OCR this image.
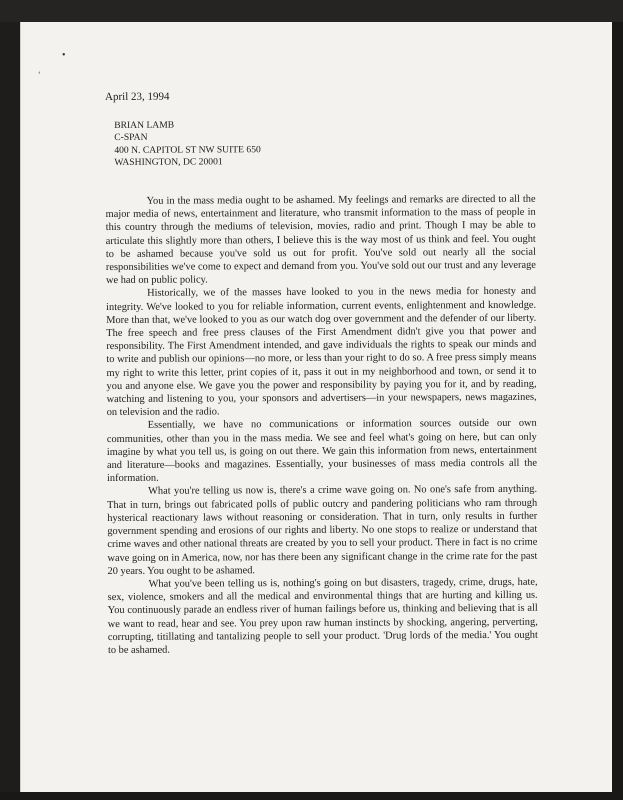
•
‘
April 23, 1994
BRIAN LAMB
C-SPAN
400 N. CAPITOL ST NW SUITE 650
WASHINGTON, DC 20001

You in the mass media ought to be ashamed. My feelings and remarks are directed to all the major media of news, entertainment and literature, who transmit information to the mass of people in this country through the mediums of television, movies, radio and print. Though I may be able to articulate this slightly more than others, I believe this is the way most of us think and feel. You ought to be ashamed because you've sold us out for profit. You've sold out nearly all the social responsibilities we've come to expect and demand from you. You've sold out our trust and any leverage we had on public policy.

Historically, we of the masses have looked to you in the news media for honesty and integrity. We've looked to you for reliable information, current events, enlightenment and knowledge. More than that, we've looked to you as our watch dog over government and the defender of our liberty. The free speech and free press clauses of the First Amendment didn't give you that power and responsibility. The First Amendment intended, and gave individuals the rights to speak our minds and to write and publish our opinions—no more, or less than your right to do so. A free press simply means my right to write this letter, print copies of it, pass it out in my neighborhood and town, or send it to you and anyone else. We gave you the power and responsibility by paying you for it, and by reading, watching and listening to you, your sponsors and advertisers—in your newspapers, news magazines, on television and the radio.

Essentially, we have no communications or information sources outside our own communities, other than you in the mass media. We see and feel what's going on here, but can only imagine by what you tell us, is going on out there. We gain this information from news, entertainment and literature—books and magazines. Essentially, your businesses of mass media controls all the information.

What you're telling us now is, there's a crime wave going on. No one's safe from anything. That in turn, brings out fabricated polls of public outcry and pandering politicians who ram through hysterical reactionary laws without reasoning or consideration. That in turn, only results in further government spending and erosions of our rights and liberty. No one stops to realize or understand that crime waves and other national threats are created by you to sell your product. There in fact is no crime wave going on in America, now, nor has there been any significant change in the crime rate for the past 20 years. You ought to be ashamed.

What you've been telling us is, nothing's going on but disasters, tragedy, crime, drugs, hate, sex, violence, smokers and all the medical and environmental things that are hurting and killing us. You continuously parade an endless river of human failings before us, thinking and believing that is all we want to read, hear and see. You prey upon raw human instincts by shocking, angering, perverting, corrupting, titillating and tantalizing people to sell your product. 'Drug lords of the media.' You ought to be ashamed.
